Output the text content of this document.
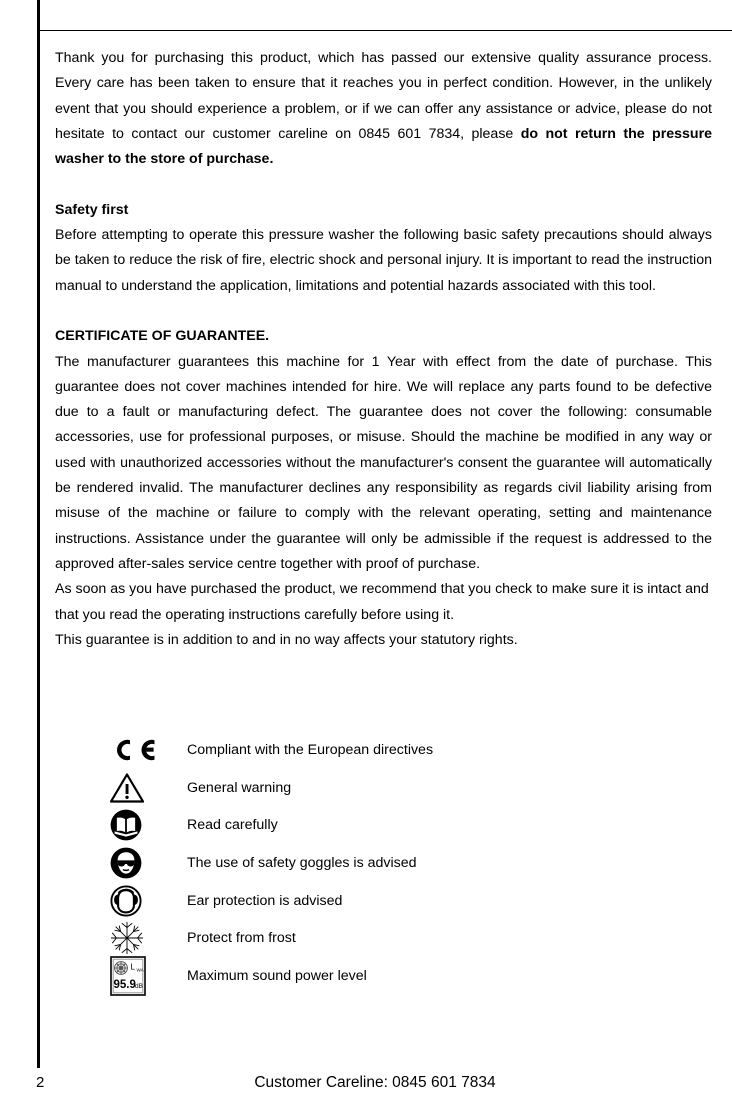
Thank you for purchasing this product, which has passed our extensive quality assurance process. Every care has been taken to ensure that it reaches you in perfect condition. However, in the unlikely event that you should experience a problem, or if we can offer any assistance or advice, please do not hesitate to contact our customer careline on 0845 601 7834, please do not return the pressure washer to the store of purchase.

Safety first

Before attempting to operate this pressure washer the following basic safety precautions should always be taken to reduce the risk of fire, electric shock and personal injury. It is important to read the instruction manual to understand the application, limitations and potential hazards associated with this tool.

CERTIFICATE OF GUARANTEE.

The manufacturer guarantees this machine for 1 Year with effect from the date of purchase. This guarantee does not cover machines intended for hire. We will replace any parts found to be defective due to a fault or manufacturing defect. The guarantee does not cover the following: consumable accessories, use for professional purposes, or misuse. Should the machine be modified in any way or used with unauthorized accessories without the manufacturer's consent the guarantee will automatically be rendered invalid. The manufacturer declines any responsibility as regards civil liability arising from misuse of the machine or failure to comply with the relevant operating, setting and maintenance instructions. Assistance under the guarantee will only be admissible if the request is addressed to the approved after-sales service centre together with proof of purchase.

As soon as you have purchased the product, we recommend that you check to make sure it is intact and that you read the operating instructions carefully before using it.

This guarantee is in addition to and in no way affects your statutory rights.

Compliant with the European directives
General warning
Read carefully
The use of safety goggles is advised
Ear protection is advised
Protect from frost
L WA
95.9 dB
Maximum sound power level
2	Customer Careline: 0845 601 7834
